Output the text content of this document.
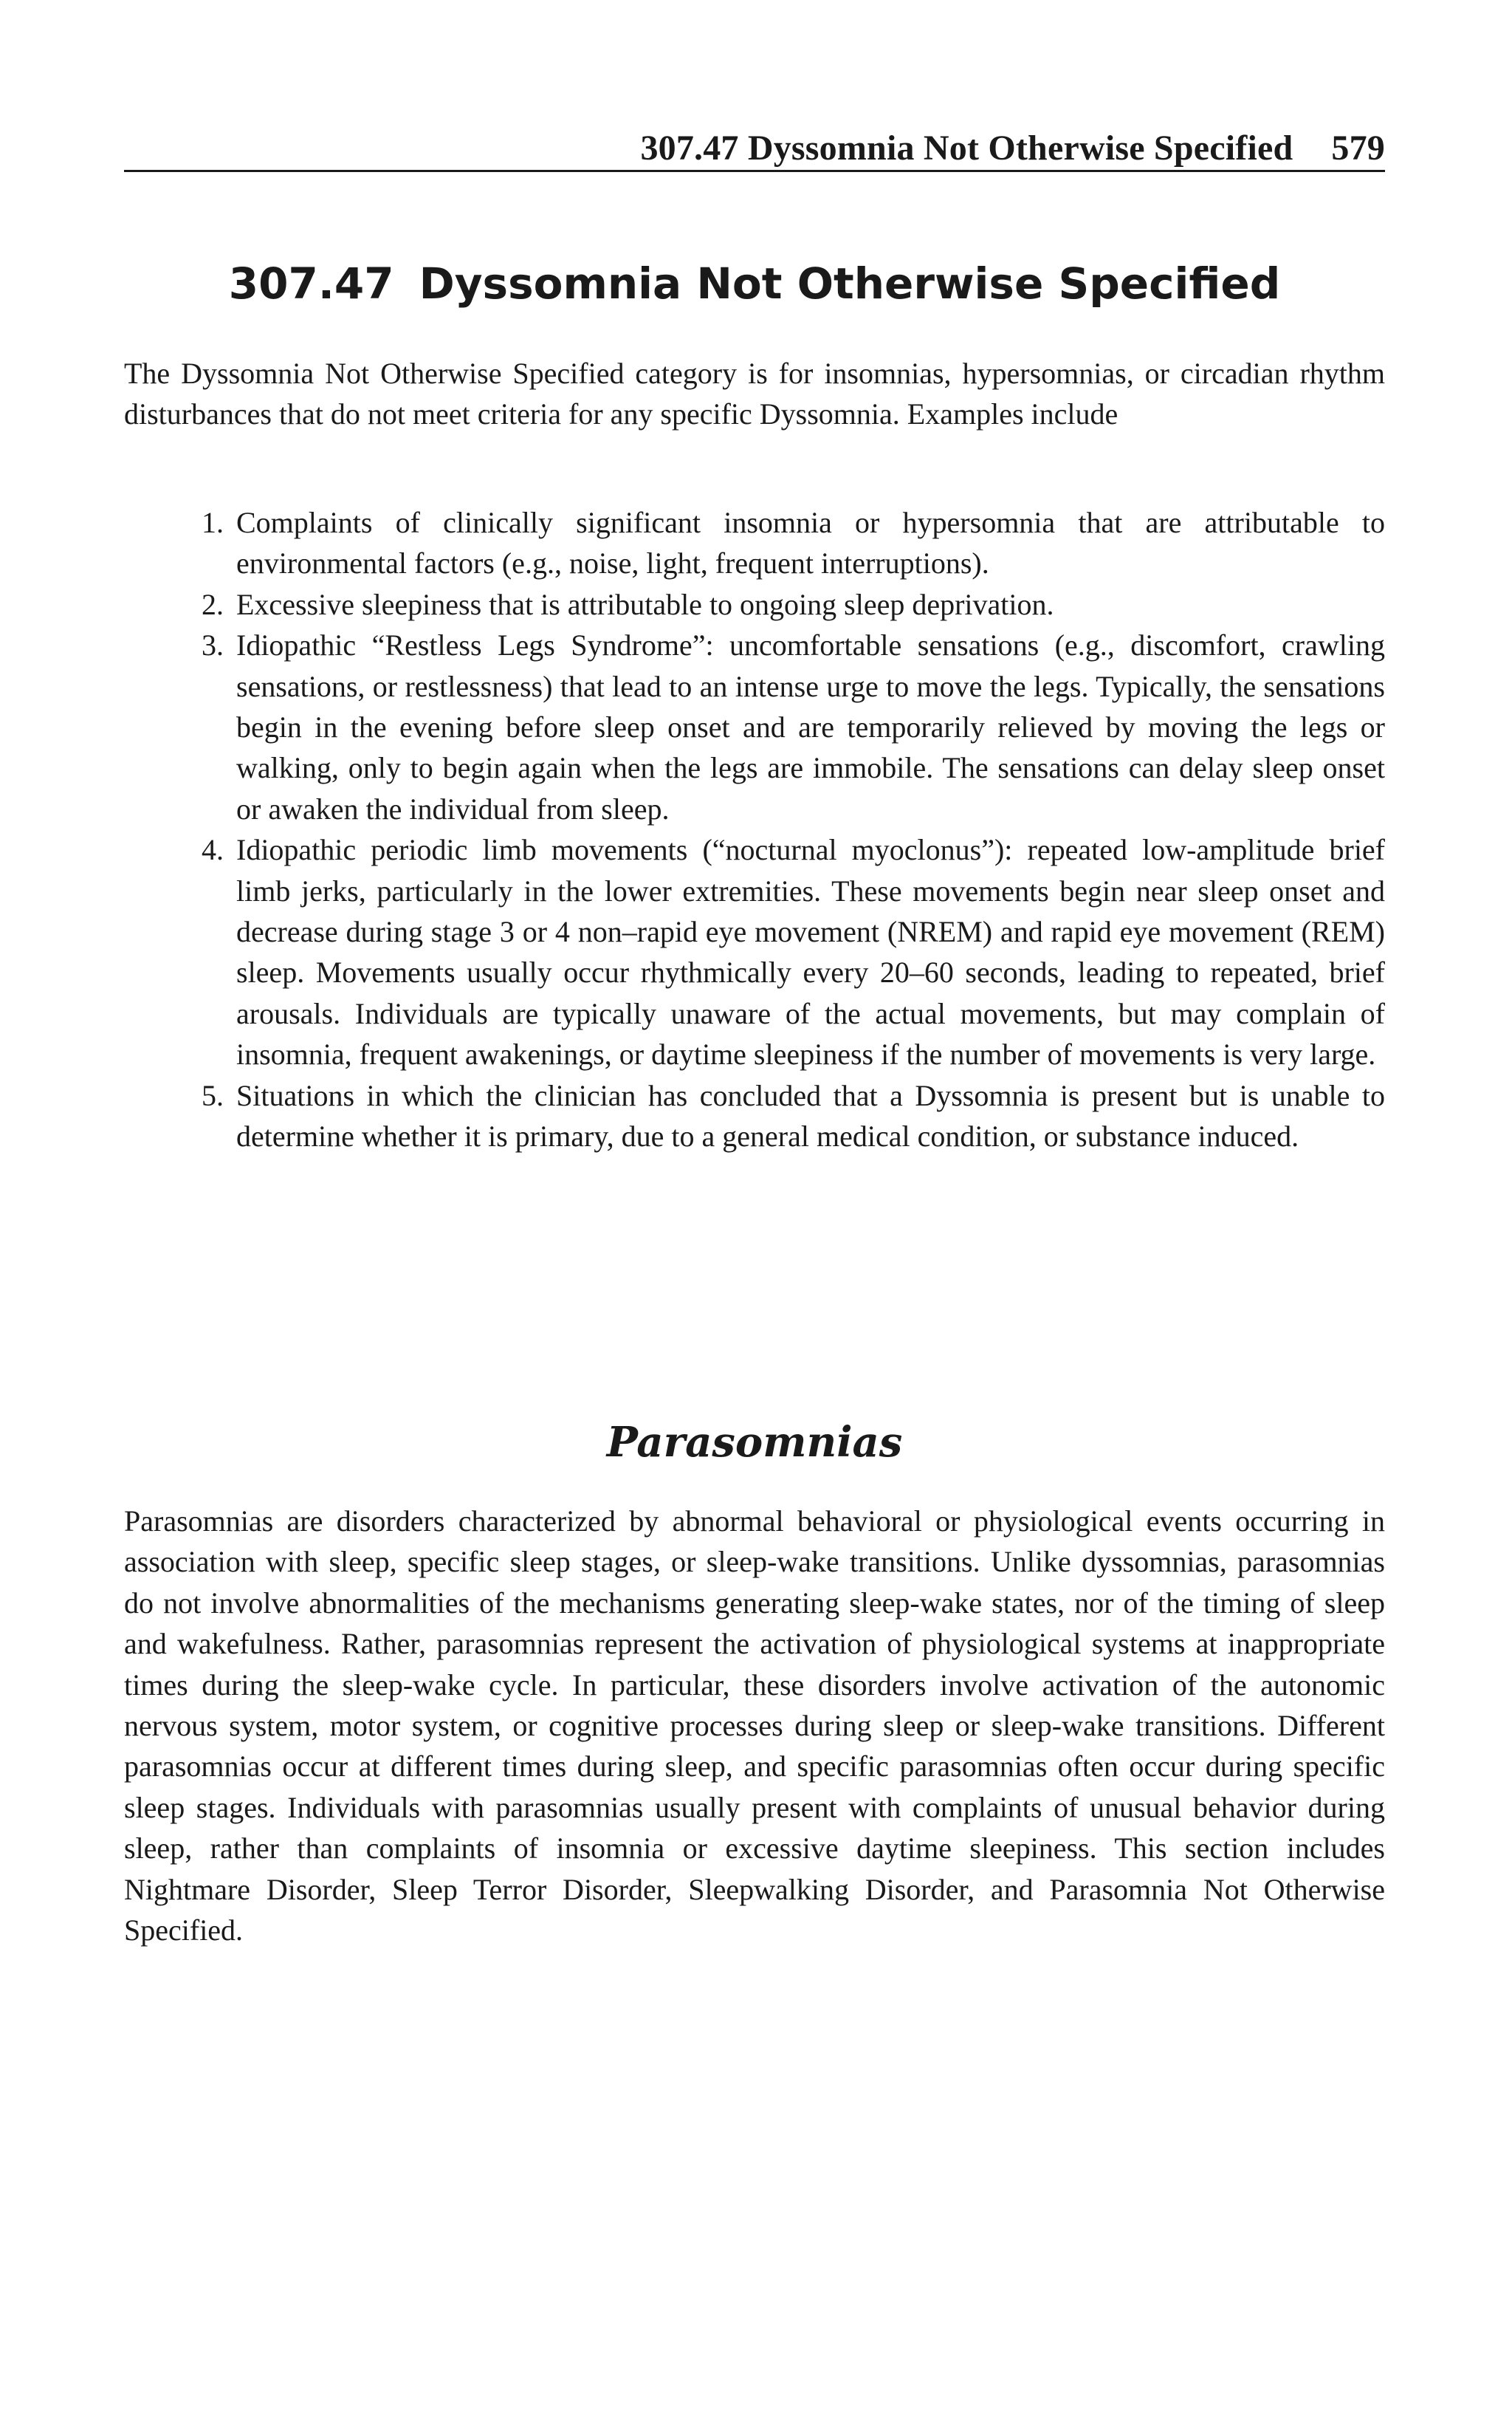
307.47 Dyssomnia Not Otherwise Specified 579
307.47 Dyssomnia Not Otherwise Specified

The Dyssomnia Not Otherwise Specified category is for insomnias, hypersomnias, or circadian rhythm disturbances that do not meet criteria for any specific Dyssomnia. Examples include

1. Complaints of clinically significant insomnia or hypersomnia that are attributable to environmental factors (e.g., noise, light, frequent interruptions).
2. Excessive sleepiness that is attributable to ongoing sleep deprivation.
3. Idiopathic “Restless Legs Syndrome”: uncomfortable sensations (e.g., discomfort, crawling sensations, or restlessness) that lead to an intense urge to move the legs. Typically, the sensations begin in the evening before sleep onset and are temporarily relieved by moving the legs or walking, only to begin again when the legs are immobile. The sensations can delay sleep onset or awaken the individual from sleep.
4. Idiopathic periodic limb movements (“nocturnal myoclonus”): repeated low-amplitude brief limb jerks, particularly in the lower extremities. These movements begin near sleep onset and decrease during stage 3 or 4 non–rapid eye movement (NREM) and rapid eye movement (REM) sleep. Movements usually occur rhythmically every 20–60 seconds, leading to repeated, brief arousals. Individuals are typically unaware of the actual movements, but may complain of insomnia, frequent awakenings, or daytime sleepiness if the number of movements is very large.
5. Situations in which the clinician has concluded that a Dyssomnia is present but is unable to determine whether it is primary, due to a general medical condition, or substance induced.
Parasomnias

Parasomnias are disorders characterized by abnormal behavioral or physiological events occurring in association with sleep, specific sleep stages, or sleep-wake transitions. Unlike dyssomnias, parasomnias do not involve abnormalities of the mechanisms generating sleep-wake states, nor of the timing of sleep and wakefulness. Rather, parasomnias represent the activation of physiological systems at inappropriate times during the sleep-wake cycle. In particular, these disorders involve activation of the autonomic nervous system, motor system, or cognitive processes during sleep or sleep-wake transitions. Different parasomnias occur at different times during sleep, and specific parasomnias often occur during specific sleep stages. Individuals with parasomnias usually present with complaints of unusual behavior during sleep, rather than complaints of insomnia or excessive daytime sleepiness. This section includes Nightmare Disorder, Sleep Terror Disorder, Sleepwalking Disorder, and Parasomnia Not Otherwise Specified.
